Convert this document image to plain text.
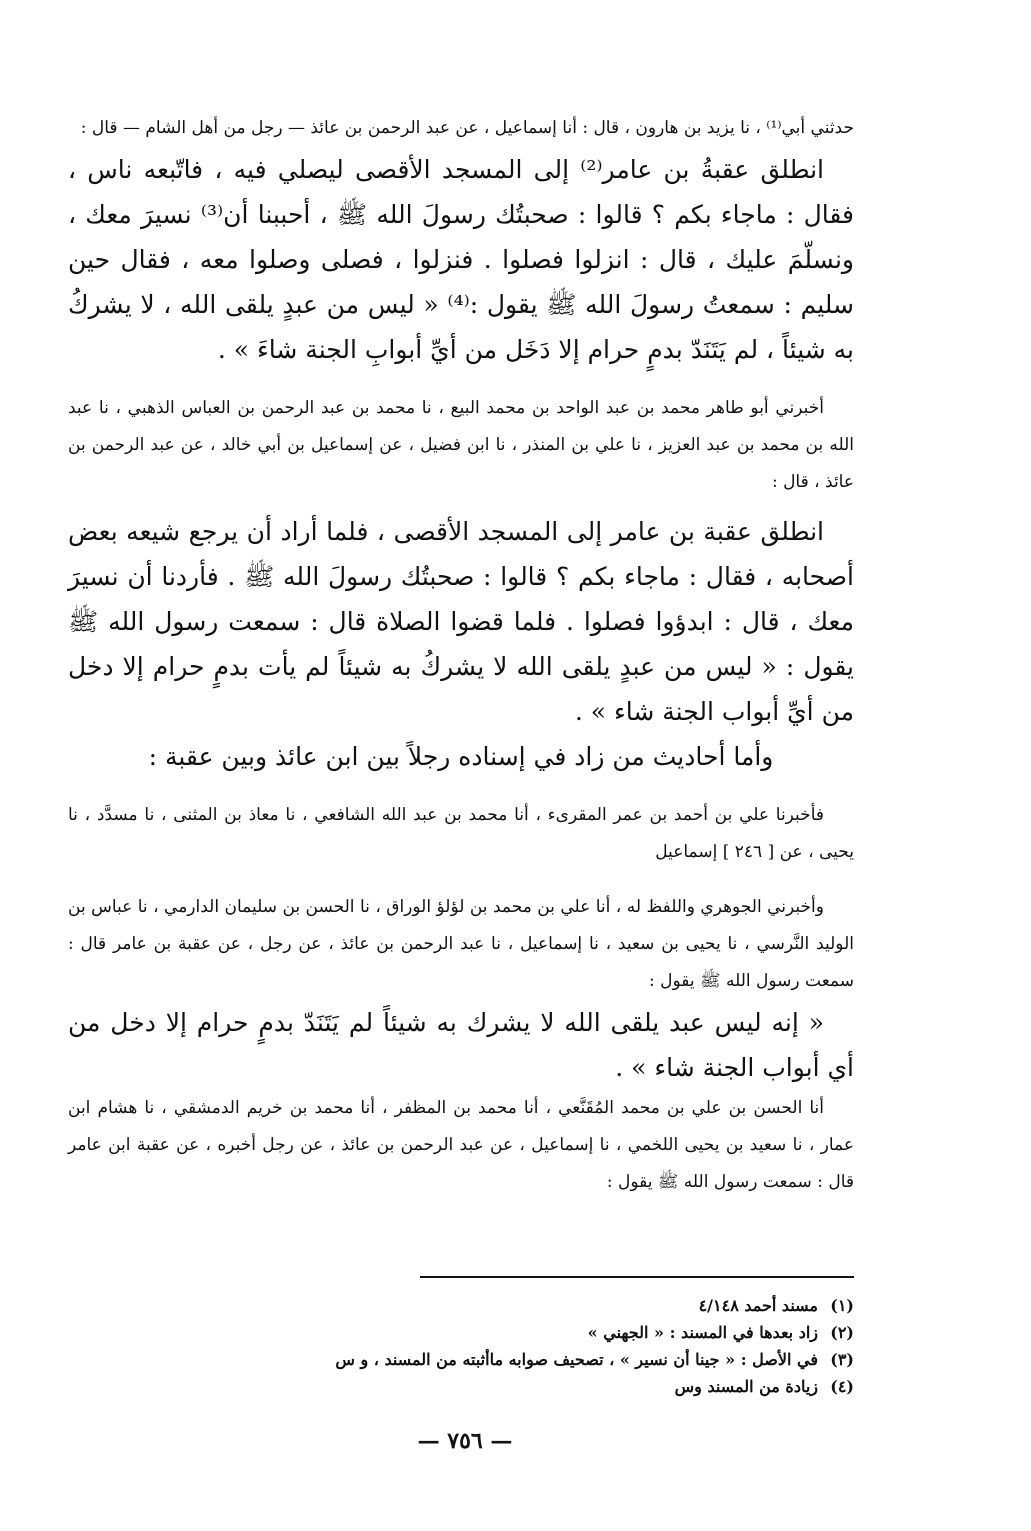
حدثني أبي⁽¹⁾ ، نا يزيد بن هارون ، قال : أنا إسماعيل ، عن عبد الرحمن بن عائذ — رجل من أهل الشام — قال :

انطلق عقبةُ بن عامر⁽²⁾ إلى المسجد الأقصى ليصلي فيه ، فاتّبعه ناس ، فقال : ماجاء بكم ؟ قالوا : صحبتُك رسولَ الله ﷺ ، أحببنا أن⁽³⁾ نسيرَ معك ، ونسلّمَ عليك ، قال : انزلوا فصلوا . فنزلوا ، فصلى وصلوا معه ، فقال حين سليم : سمعتُ رسولَ الله ﷺ يقول :⁽⁴⁾ « ليس من عبدٍ يلقى الله ، لا يشركُ به شيئاً ، لم يَتَنَدّ بدمٍ حرام إلا دَخَل من أيِّ أبوابِ الجنة شاءَ » .

أخبرني أبو طاهر محمد بن عبد الواحد بن محمد البيع ، نا محمد بن عبد الرحمن بن العباس الذهبي ، نا عبد الله بن محمد بن عبد العزيز ، نا علي بن المنذر ، نا ابن فضيل ، عن إسماعيل بن أبي خالد ، عن عبد الرحمن بن عائذ ، قال :

انطلق عقبة بن عامر إلى المسجد الأقصى ، فلما أراد أن يرجع شيعه بعض أصحابه ، فقال : ماجاء بكم ؟ قالوا : صحبتُك رسولَ الله ﷺ . فأردنا أن نسيرَ معك ، قال : ابدؤوا فصلوا . فلما قضوا الصلاة قال : سمعت رسول الله ﷺ يقول : « ليس من عبدٍ يلقى الله لا يشركُ به شيئاً لم يأت بدمٍ حرام إلا دخل من أيِّ أبواب الجنة شاء » .

وأما أحاديث من زاد في إسناده رجلاً بين ابن عائذ وبين عقبة :

فأخبرنا علي بن أحمد بن عمر المقرىء ، أنا محمد بن عبد الله الشافعي ، نا معاذ بن المثنى ، نا مسدَّد ، نا يحيى ، عن [ ٢٤٦ ] إسماعيل

وأخبرني الجوهري واللفظ له ، أنا علي بن محمد بن لؤلؤ الوراق ، نا الحسن بن سليمان الدارمي ، نا عباس بن الوليد النَّرسي ، نا يحيى بن سعيد ، نا إسماعيل ، نا عبد الرحمن بن عائذ ، عن رجل ، عن عقبة بن عامر قال : سمعت رسول الله ﷺ يقول :

« إنه ليس عبد يلقى الله لا يشرك به شيئاً لم يَتَنَدّ بدمٍ حرام إلا دخل من أي أبواب الجنة شاء » .

أنا الحسن بن علي بن محمد المُقَنَّعي ، أنا محمد بن المظفر ، أنا محمد بن خريم الدمشقي ، نا هشام ابن عمار ، نا سعيد بن يحيى اللخمي ، نا إسماعيل ، عن عبد الرحمن بن عائذ ، عن رجل أخبره ، عن عقبة ابن عامر قال : سمعت رسول الله ﷺ يقول :

(١)
مسند أحمد ٤/١٤٨
(٢)
زاد بعدها في المسند : « الجهني »
(٣)
في الأصل : « جينا أن نسير » ، تصحيف صوابه ماأثبته من المسند ، و س
(٤)
زيادة من المسند وس
— ٧٥٦ —
